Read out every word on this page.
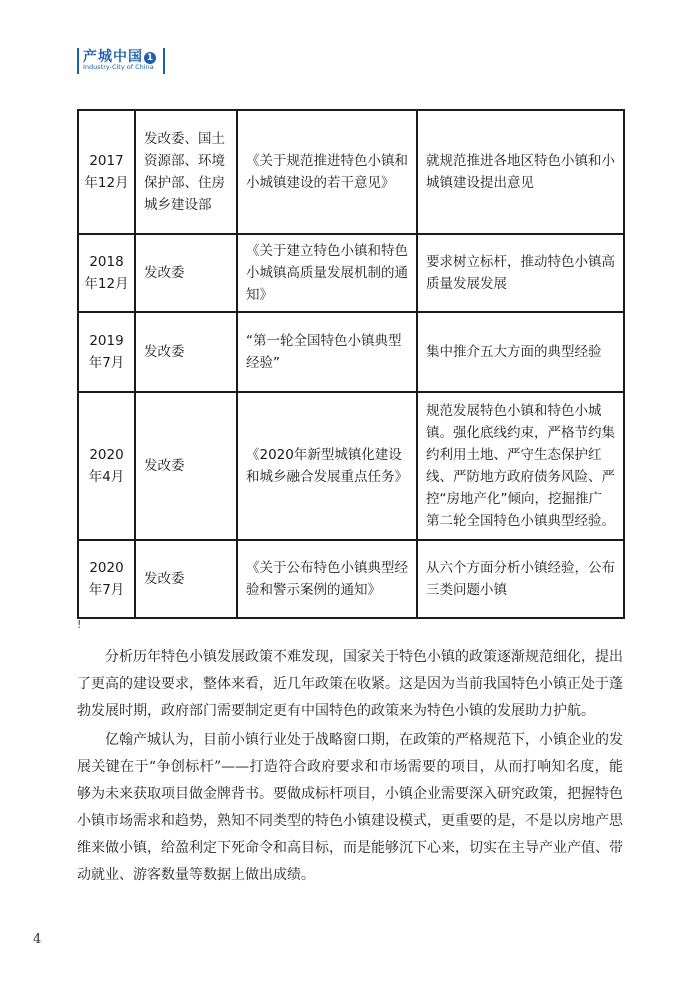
产城中国 1
Industry-City of China
2017年12月	发改委、国土资源部、环境保护部、住房城乡建设部	《关于规范推进特色小镇和小城镇建设的若干意见》	就规范推进各地区特色小镇和小城镇建设提出意见
2018年12月	发改委	《关于建立特色小镇和特色小城镇高质量发展机制的通知》	要求树立标杆，推动特色小镇高质量发展发展
2019年7月	发改委	“第一轮全国特色小镇典型经验”	集中推介五大方面的典型经验
2020年4月	发改委	《2020年新型城镇化建设和城乡融合发展重点任务》	规范发展特色小镇和特色小城镇。强化底线约束，严格节约集约利用土地、严守生态保护红线、严防地方政府债务风险、严控“房地产化”倾向，挖掘推广第二轮全国特色小镇典型经验。
2020年7月	发改委	《关于公布特色小镇典型经验和警示案例的通知》	从六个方面分析小镇经验，公布三类问题小镇
!

分析历年特色小镇发展政策不难发现，国家关于特色小镇的政策逐渐规范细化，提出了更高的建设要求，整体来看，近几年政策在收紧。这是因为当前我国特色小镇正处于蓬勃发展时期，政府部门需要制定更有中国特色的政策来为特色小镇的发展助力护航。

亿翰产城认为，目前小镇行业处于战略窗口期，在政策的严格规范下，小镇企业的发展关键在于“争创标杆”——打造符合政府要求和市场需要的项目，从而打响知名度，能够为未来获取项目做金牌背书。要做成标杆项目，小镇企业需要深入研究政策，把握特色小镇市场需求和趋势，熟知不同类型的特色小镇建设模式，更重要的是，不是以房地产思维来做小镇，给盈利定下死命令和高目标，而是能够沉下心来，切实在主导产业产值、带动就业、游客数量等数据上做出成绩。

4
